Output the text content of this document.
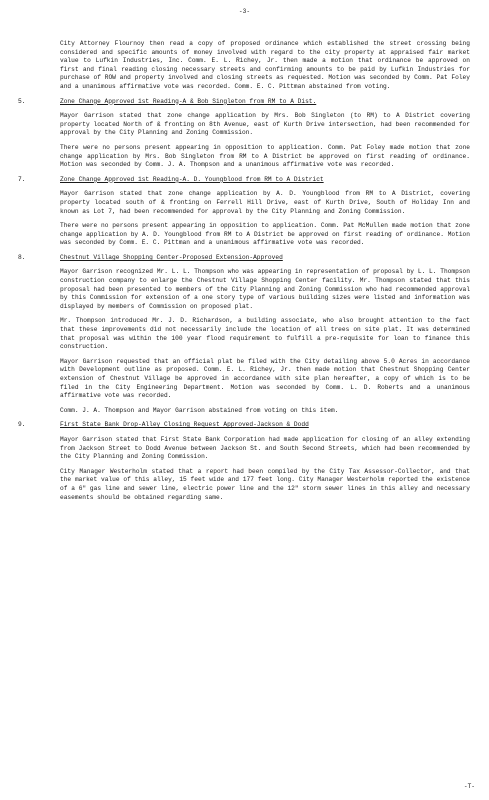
-3-

City Attorney Flournoy then read a copy of proposed ordinance which established the street crossing being considered and specific amounts of money involved with regard to the city property at appraised fair market value to Lufkin Industries, Inc. Comm. E. L. Richey, Jr. then made a motion that ordinance be approved on first and final reading closing necessary streets and confirming amounts to be paid by Lufkin Industries for purchase of ROW and property involved and closing streets as requested. Motion was seconded by Comm. Pat Foley and a unanimous affirmative vote was recorded. Comm. E. C. Pittman abstained from voting.

5.	Zone Change Approved 1st Reading-A & Bob Singleton from RM to A Dist.

Mayor Garrison stated that zone change application by Mrs. Bob Singleton (to RM) to A District covering property located North of & fronting on 8th Avenue, east of Kurth Drive intersection, had been recommended for approval by the City Planning and Zoning Commission.

There were no persons present appearing in opposition to application. Comm. Pat Foley made motion that zone change application by Mrs. Bob Singleton from RM to A District be approved on first reading of ordinance. Motion was seconded by Comm. J. A. Thompson and a unanimous affirmative vote was recorded.

7.	Zone Change Approved 1st Reading-A. D. Youngblood from RM to A District

Mayor Garrison stated that zone change application by A. D. Youngblood from RM to A District, covering property located south of & fronting on Ferrell Hill Drive, east of Kurth Drive, South of Holiday Inn and known as Lot 7, had been recommended for approval by the City Planning and Zoning Commission.

There were no persons present appearing in opposition to application. Comm. Pat McMullen made motion that zone change application by A. D. Youngblood from RM to A District be approved on first reading of ordinance. Motion was seconded by Comm. E. C. Pittman and a unanimous affirmative vote was recorded.

8.	Chestnut Village Shopping Center-Proposed Extension-Approved

Mayor Garrison recognized Mr. L. L. Thompson who was appearing in representation of proposal by L. L. Thompson construction company to enlarge the Chestnut Village Shopping Center facility. Mr. Thompson stated that this proposal had been presented to members of the City Planning and Zoning Commission who had recommended approval by this Commission for extension of a one story type of various building sizes were listed and information was displayed by members of Commission on proposed plat.

Mr. Thompson introduced Mr. J. D. Richardson, a building associate, who also brought attention to the fact that these improvements did not necessarily include the location of all trees on site plat. It was determined that proposal was within the 100 year flood requirement to fulfill a pre-requisite for loan to finance this construction.

Mayor Garrison requested that an official plat be filed with the City detailing above 5.0 Acres in accordance with Development outline as proposed. Comm. E. L. Richey, Jr. then made motion that Chestnut Shopping Center extension of Chestnut Village be approved in accordance with site plan hereafter, a copy of which is to be filed in the City Engineering Department. Motion was seconded by Comm. L. D. Roberts and a unanimous affirmative vote was recorded.

Comm. J. A. Thompson and Mayor Garrison abstained from voting on this item.

9.	First State Bank Drop-Alley Closing Request Approved-Jackson & Dodd

Mayor Garrison stated that First State Bank Corporation had made application for closing of an alley extending from Jackson Street to Dodd Avenue between Jackson St. and South Second Streets, which had been recommended by the City Planning and Zoning Commission.

City Manager Westerholm stated that a report had been compiled by the City Tax Assessor-Collector, and that the market value of this alley, 15 feet wide and 177 feet long. City Manager Westerholm reported the existence of a 6" gas line and sewer line, electric power line and the 12" storm sewer lines in this alley and necessary easements should be obtained regarding same.

-T-
